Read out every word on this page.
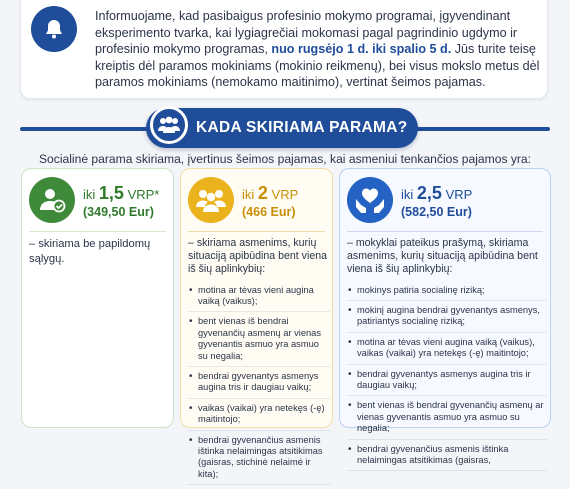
Informuojame, kad pasibaigus profesinio mokymo programai, įgyvendinant eksperimento tvarka, kai lygiagrečiai mokomasi pagal pagrindinio ugdymo ir profesinio mokymo programas, nuo rugsėjo 1 d. iki spalio 5 d. Jūs turite teisę kreiptis dėl paramos mokiniams (mokinio reikmenų), bei visus mokslo metus dėl paramos mokiniams (nemokamo maitinimo), vertinat šeimos pajamas.

KADA SKIRIAMA PARAMA?
Socialinė parama skiriama, įvertinus šeimos pajamas, kai asmeniui tenkančios pajamos yra:
iki 1,5 VRP*
(349,50 Eur)

– skiriama be papildomų sąlygų.

iki 2 VRP
(466 Eur)

– skiriama asmenims, kurių situaciją apibūdina bent viena iš šių aplinkybių:

• motina ar tėvas vieni augina vaiką (vaikus);
• bent vienas iš bendrai gyvenančių asmenų ar vienas gyvenantis asmuo yra asmuo su negalia;
• bendrai gyvenantys asmenys augina tris ir daugiau vaikų;
• vaikas (vaikai) yra netekęs (-ę) maitintojo;
• bendrai gyvenančius asmenis ištinka nelaimingas atsitikimas (gaisras, stichinė nelaimė ir kita);
iki 2,5 VRP
(582,50 Eur)

– mokyklai pateikus prašymą, skiriama asmenims, kurių situaciją apibūdina bent viena iš šių aplinkybių:

• mokinys patiria socialinę riziką;
• mokinį augina bendrai gyvenantys asmenys, patiriantys socialinę riziką;
• motina ar tėvas vieni augina vaiką (vaikus), vaikas (vaikai) yra netekęs (-ę) maitintojo;
• bendrai gyvenantys asmenys augina tris ir daugiau vaikų;
• bent vienas iš bendrai gyvenančių asmenų ar vienas gyvenantis asmuo yra asmuo su negalia;
• bendrai gyvenančius asmenis ištinka nelaimingas atsitikimas (gaisras,
